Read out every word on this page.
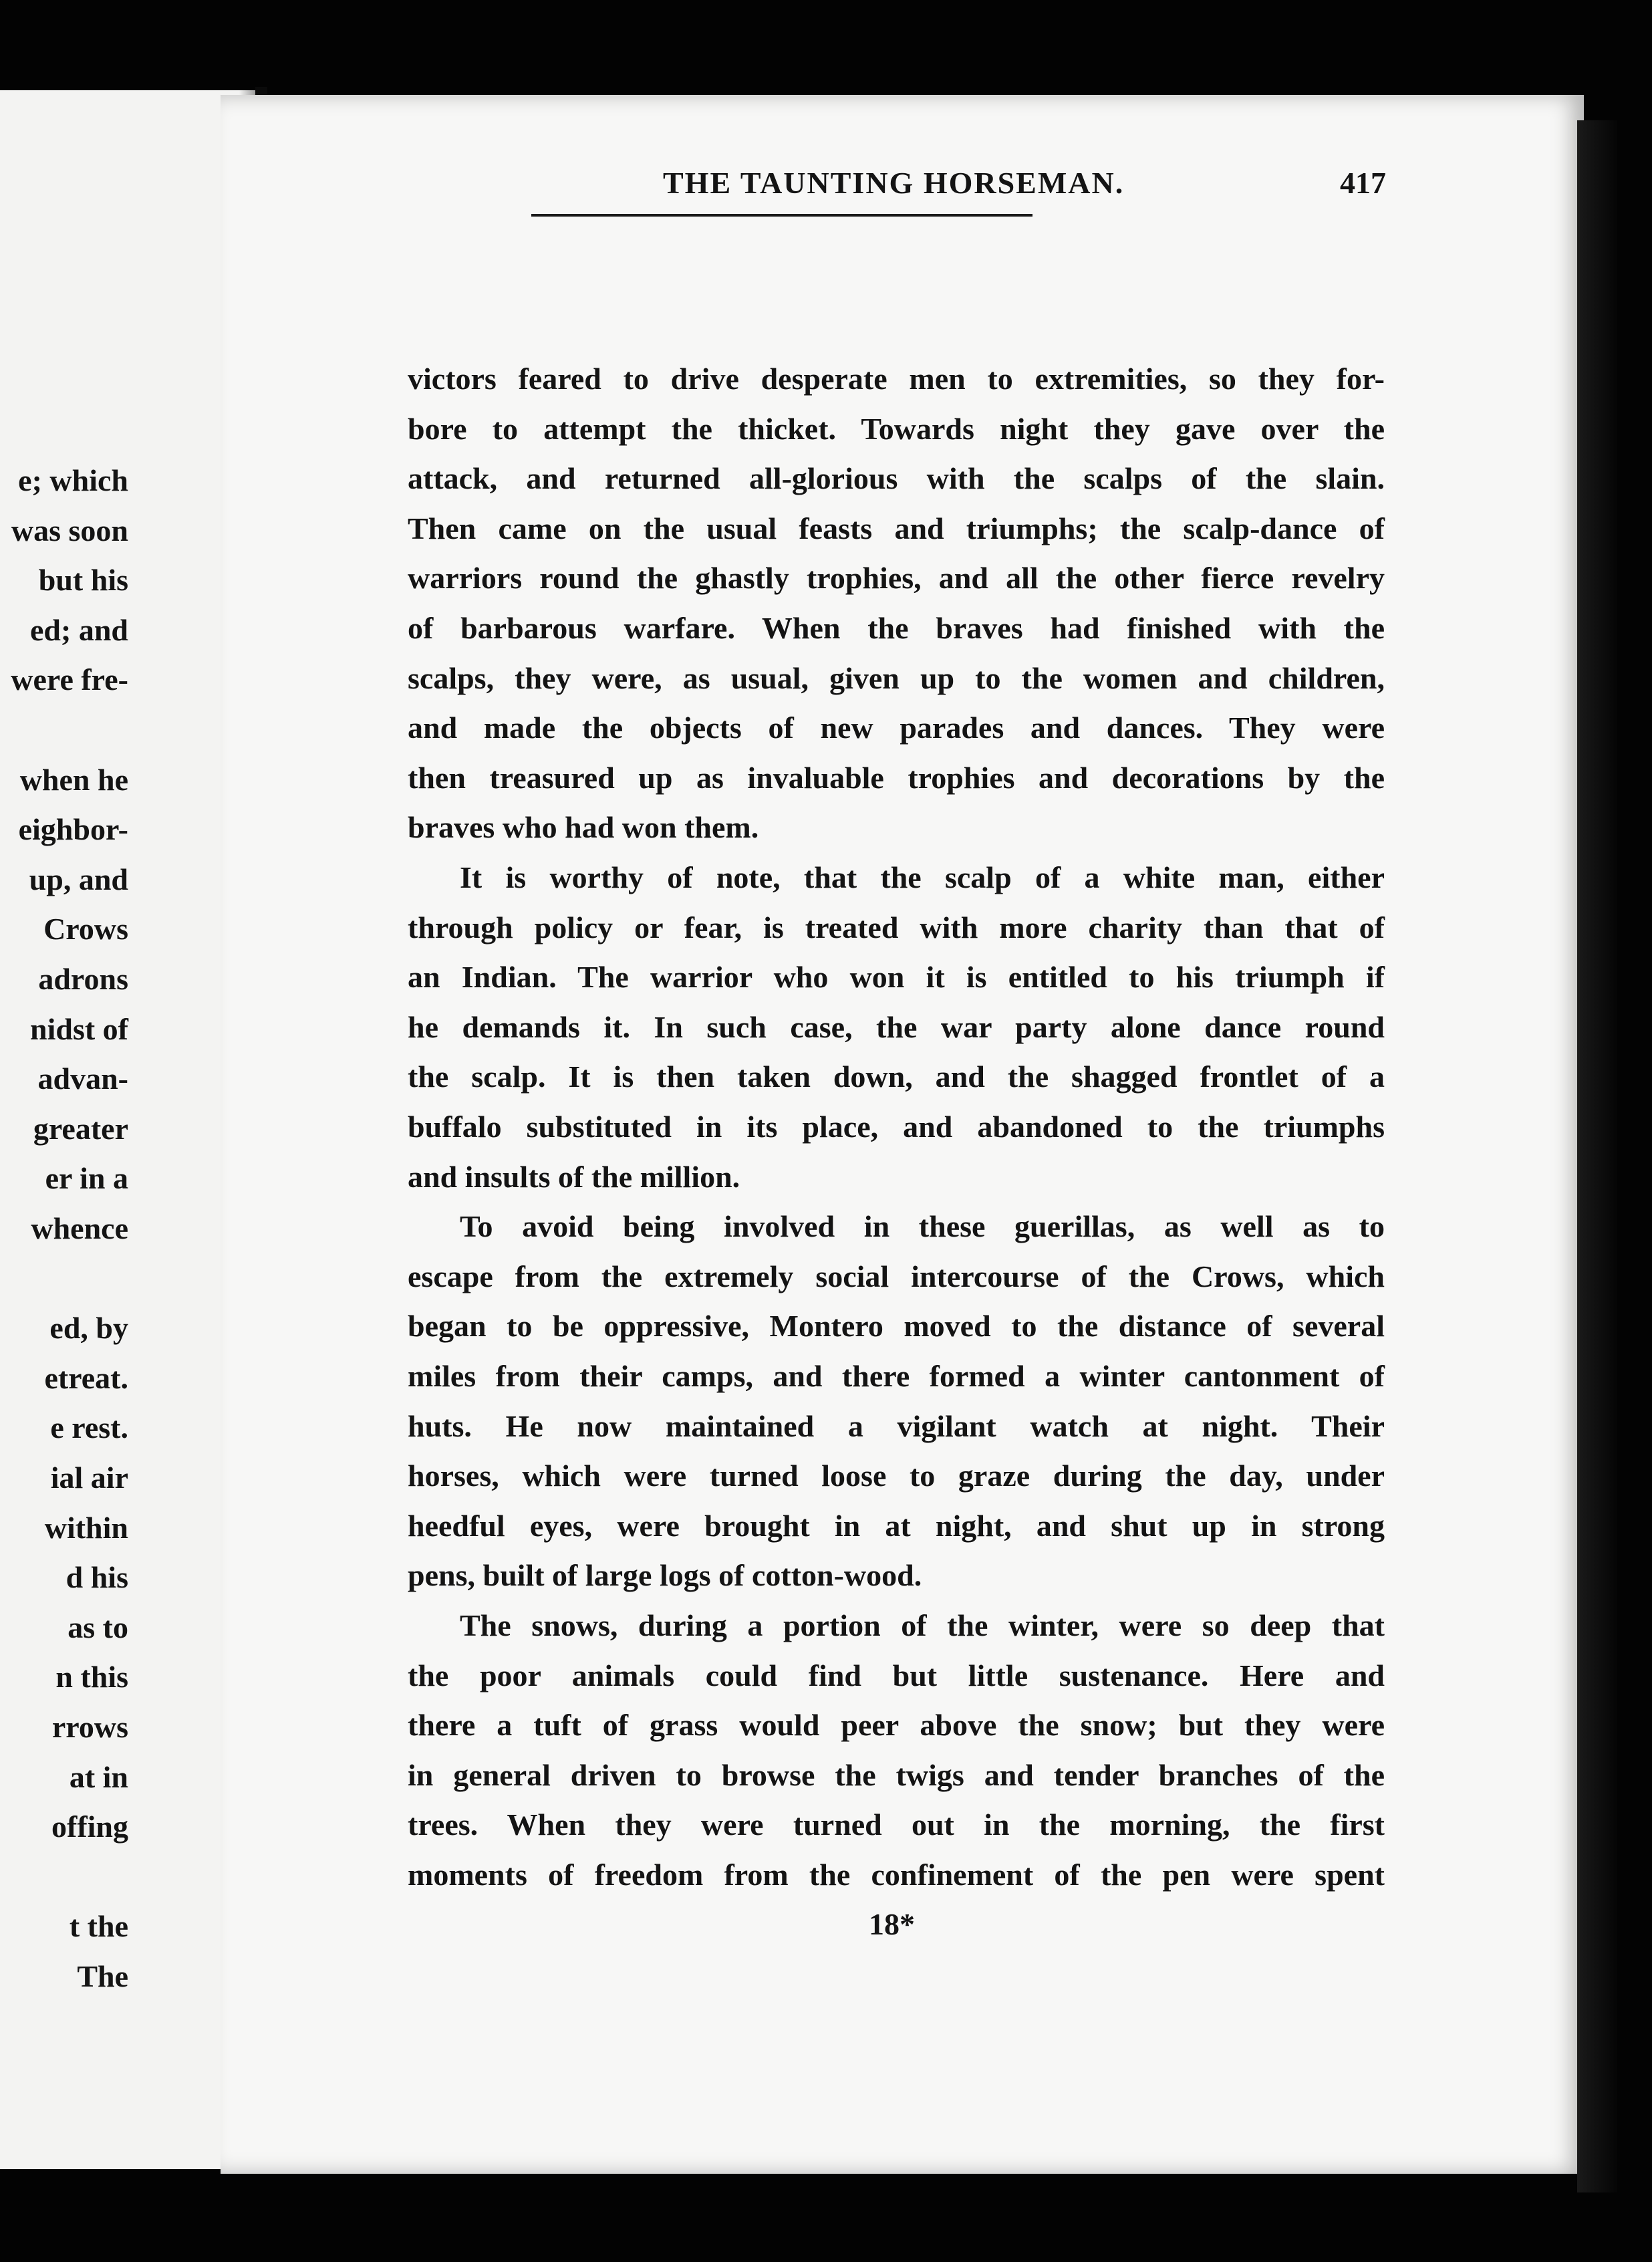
e; which
was soon
but his
ed; and
were fre-
when he
eighbor-
up, and
Crows
adrons
nidst of
advan-
greater
er in a
whence
ed, by
etreat.
e rest.
ial air
within
d his
as to
n this
rrows
at in
offing
t the
The
THE TAUNTING HORSEMAN.	417
victors feared to drive desperate men to extremities, so they for-
bore to attempt the thicket. Towards night they gave over the
attack, and returned all-glorious with the scalps of the slain.
Then came on the usual feasts and triumphs; the scalp-dance of
warriors round the ghastly trophies, and all the other fierce revelry
of barbarous warfare. When the braves had finished with the
scalps, they were, as usual, given up to the women and children,
and made the objects of new parades and dances. They were
then treasured up as invaluable trophies and decorations by the
braves who had won them.
It is worthy of note, that the scalp of a white man, either
through policy or fear, is treated with more charity than that of
an Indian. The warrior who won it is entitled to his triumph if
he demands it. In such case, the war party alone dance round
the scalp. It is then taken down, and the shagged frontlet of a
buffalo substituted in its place, and abandoned to the triumphs
and insults of the million.
To avoid being involved in these guerillas, as well as to
escape from the extremely social intercourse of the Crows, which
began to be oppressive, Montero moved to the distance of several
miles from their camps, and there formed a winter cantonment of
huts. He now maintained a vigilant watch at night. Their
horses, which were turned loose to graze during the day, under
heedful eyes, were brought in at night, and shut up in strong
pens, built of large logs of cotton-wood.
The snows, during a portion of the winter, were so deep that
the poor animals could find but little sustenance. Here and
there a tuft of grass would peer above the snow; but they were
in general driven to browse the twigs and tender branches of the
trees. When they were turned out in the morning, the first
moments of freedom from the confinement of the pen were spent
18*
